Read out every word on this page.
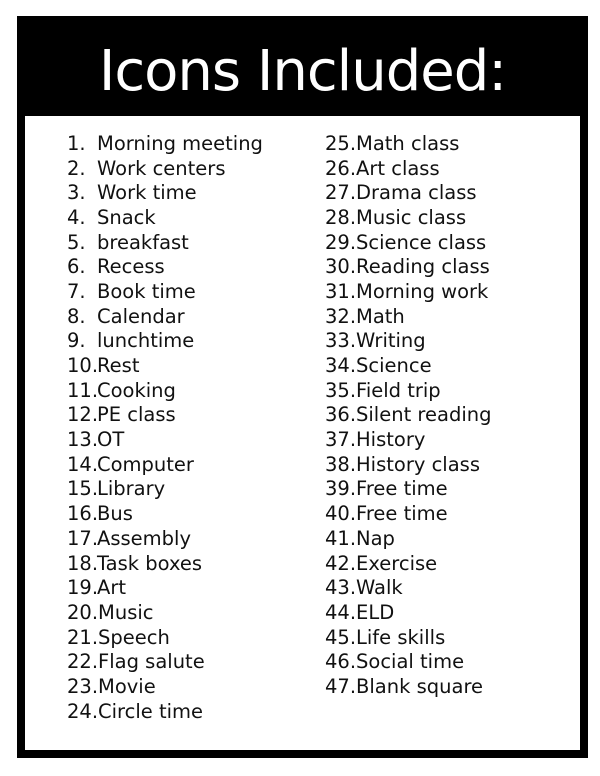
Icons Included:
1. Morning meeting
2. Work centers
3. Work time
4. Snack
5. breakfast
6. Recess
7. Book time
8. Calendar
9. lunchtime
10.
Rest
11.
Cooking
12.
PE class
13.
OT
14.
Computer
15.
Library
16.
Bus
17.
Assembly
18.
Task boxes
19.
Art
20. Music
21. Speech
22. Flag salute
23. Movie
24. Circle time
25. Math class
26. Art class
27. Drama class
28. Music class
29. Science class
30. Reading class
31. Morning work
32. Math
33. Writing
34. Science
35. Field trip
36. Silent reading
37. History
38. History class
39. Free time
40. Free time
41. Nap
42. Exercise
43. Walk
44. ELD
45. Life skills
46. Social time
47. Blank square
